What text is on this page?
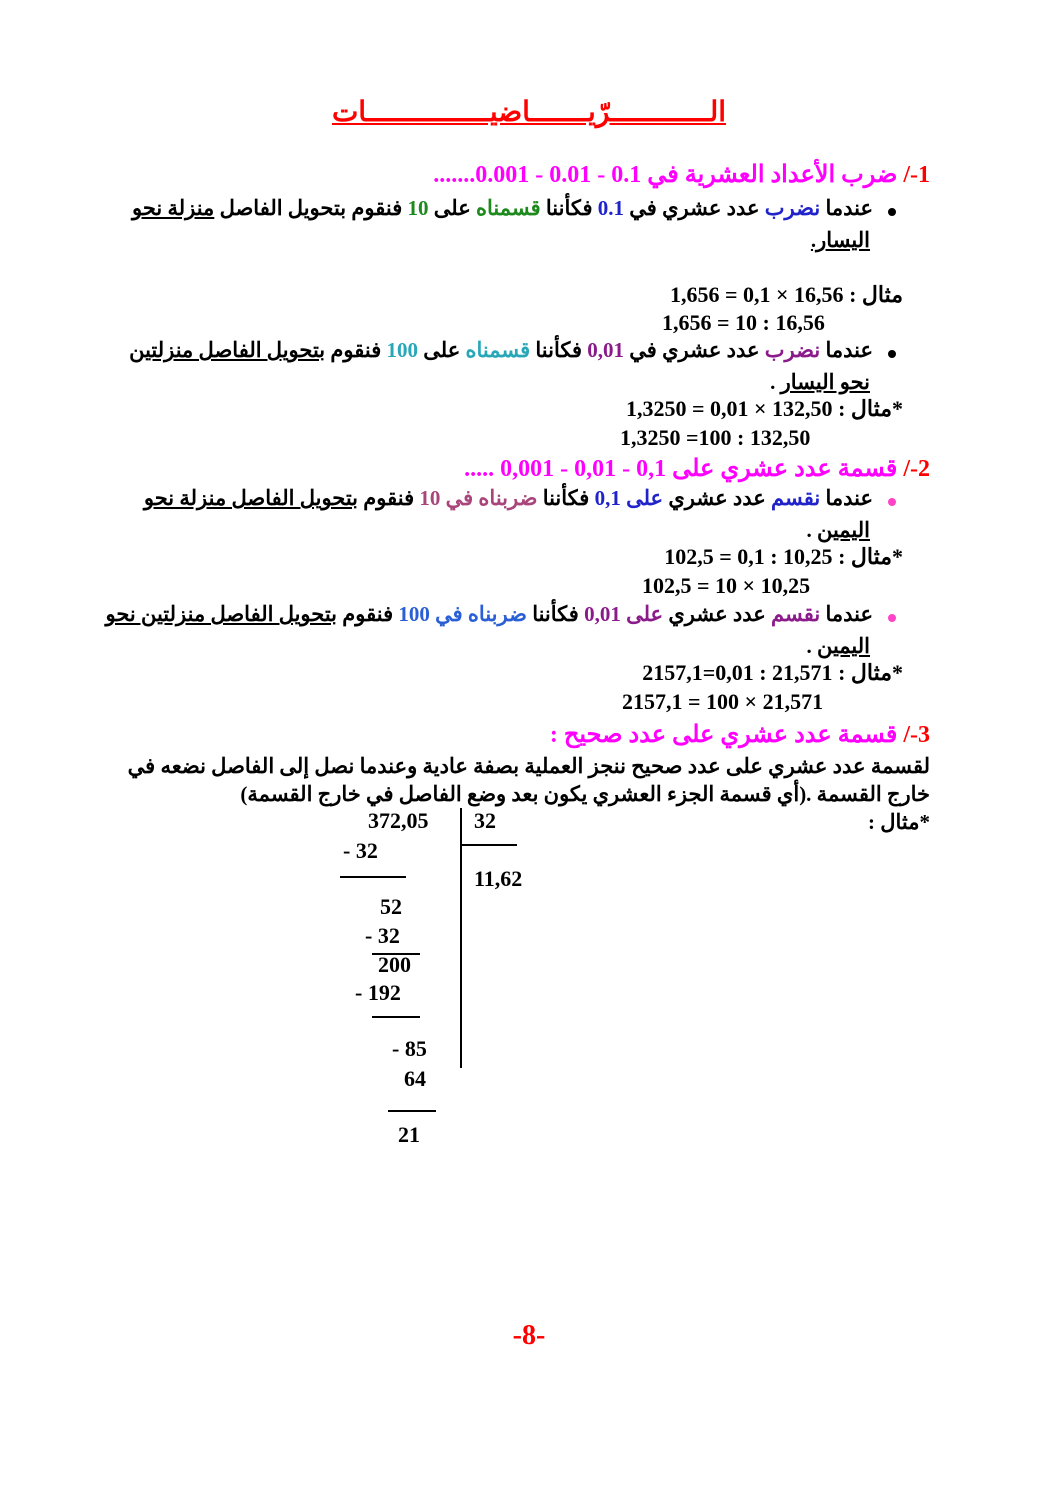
الــــــــــــرّيـــــــاضيـــــــــــــــات
1-/ ضرب الأعداد العشرية في 0.1 - 0.01 - 0.001.......
عندما نضرب عدد عشري في 0.1 فكأننا قسمناه على 10 فنقوم بتحويل الفاصل منزلة نحو
اليسار.
مثال : 1,656 = 0,1 × 16,56
1,656 = 10 : 16,56
عندما نضرب عدد عشري في 0,01 فكأننا قسمناه على 100 فنقوم بتحويل الفاصل منزلتين
نحو اليسار .
*مثال : 1,3250 = 0,01 × 132,50
1,3250 =100 : 132,50
2-/ قسمة عدد عشري على 0,1 - 0,01 - 0,001 .....
عندما نقسم عدد عشري على 0,1 فكأننا ضربناه في 10 فنقوم بتحويل الفاصل منزلة نحو
اليمين .
*مثال : 102,5 = 0,1 : 10,25
102,5 = 10 × 10,25
عندما نقسم عدد عشري على 0,01 فكأننا ضربناه في 100 فنقوم بتحويل الفاصل منزلتين نحو
اليمين .
*مثال : 2157,1=0,01 : 21,571
2157,1 = 100 × 21,571
3-/ قسمة عدد عشري على عدد صحيح :
لقسمة عدد عشري على عدد صحيح ننجز العملية بصفة عادية وعندما نصل إلى الفاصل نضعه في
خارج القسمة .(أي قسمة الجزء العشري يكون بعد وضع الفاصل في خارج القسمة)
*مثال :
372,05 32
11,62
- 32
52
- 32
200
- 192
- 85
64
21
-8-
